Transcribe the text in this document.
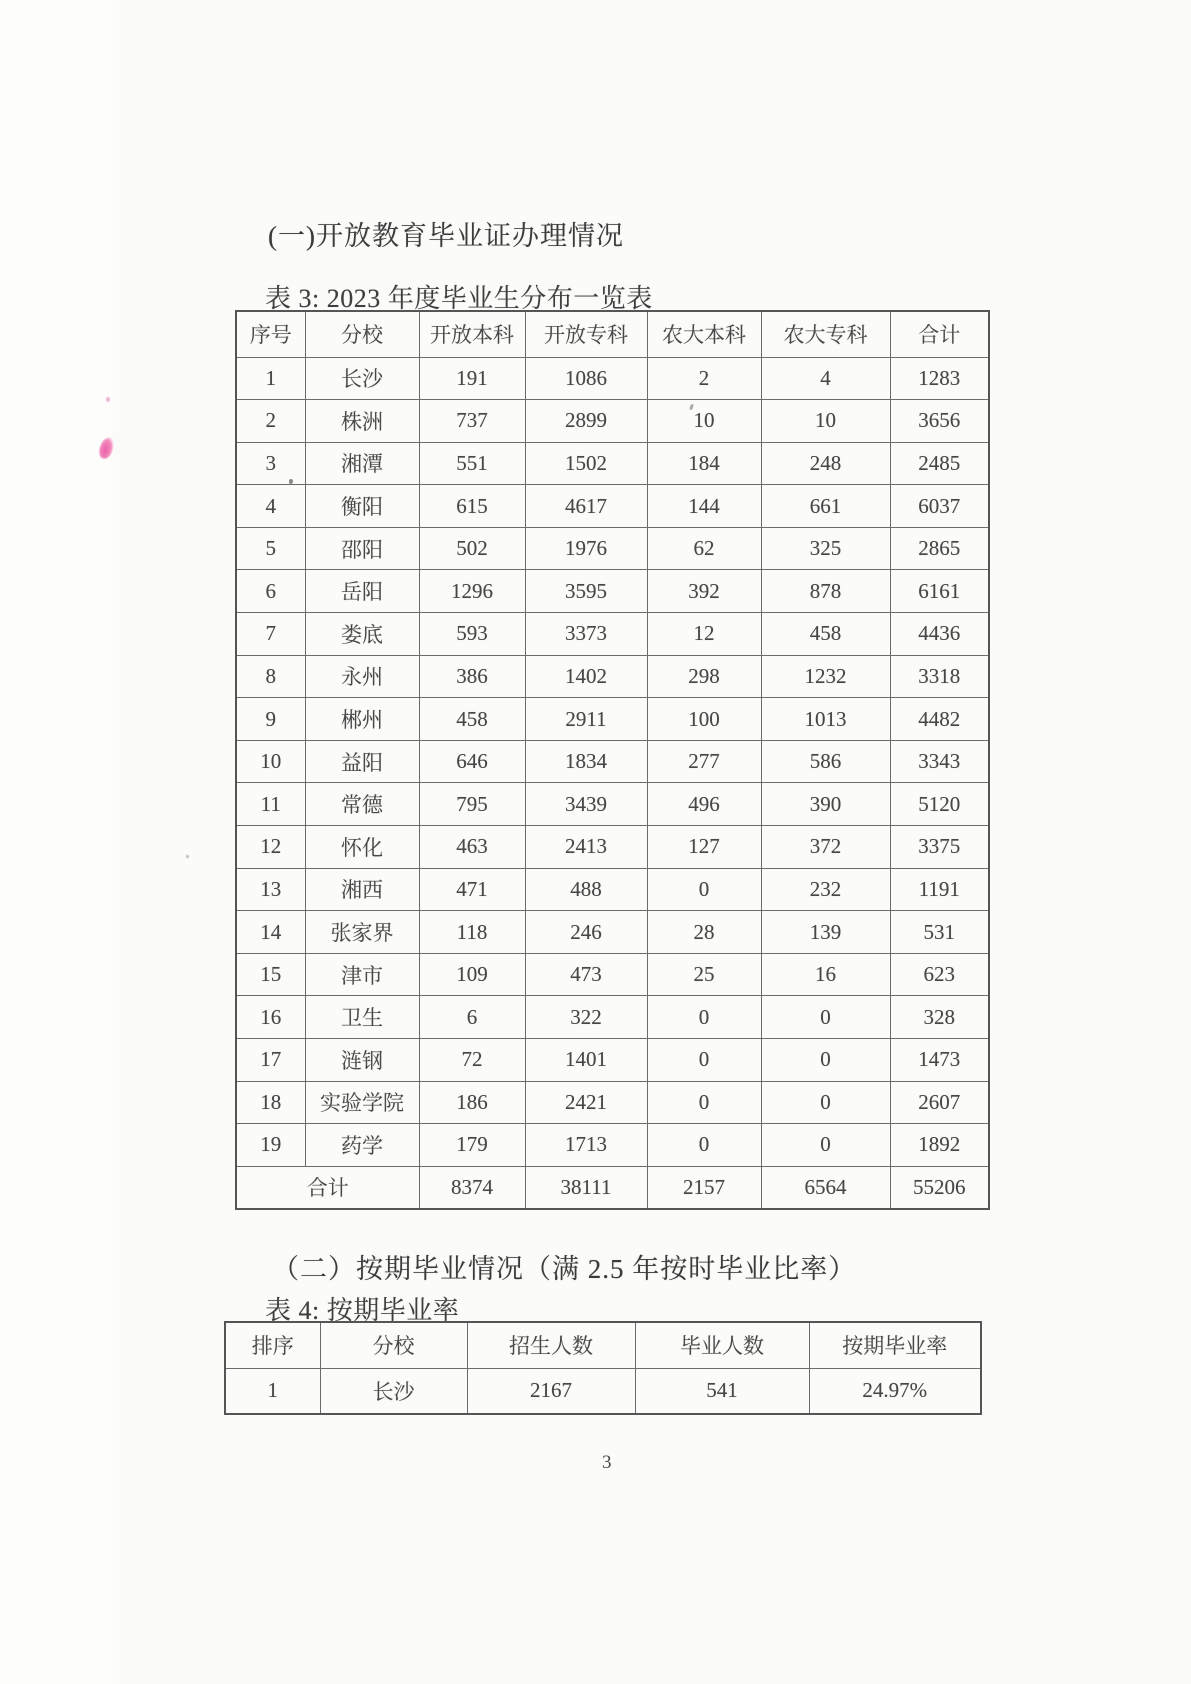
(一)开放教育毕业证办理情况
表 3: 2023 年度毕业生分布一览表
序号	分校	开放本科	开放专科	农大本科	农大专科	合计
1	长沙	191	1086	2	4	1283
2	株洲	737	2899	10	10	3656
3	湘潭	551	1502	184	248	2485
4	衡阳	615	4617	144	661	6037
5	邵阳	502	1976	62	325	2865
6	岳阳	1296	3595	392	878	6161
7	娄底	593	3373	12	458	4436
8	永州	386	1402	298	1232	3318
9	郴州	458	2911	100	1013	4482
10	益阳	646	1834	277	586	3343
11	常德	795	3439	496	390	5120
12	怀化	463	2413	127	372	3375
13	湘西	471	488	0	232	1191
14	张家界	118	246	28	139	531
15	津市	109	473	25	16	623
16	卫生	6	322	0	0	328
17	涟钢	72	1401	0	0	1473
18	实验学院	186	2421	0	0	2607
19	药学	179	1713	0	0	1892
合计		8374	38111	2157	6564	55206
（二）按期毕业情况（满 2.5 年按时毕业比率）
表 4: 按期毕业率
排序	分校	招生人数	毕业人数	按期毕业率
1	长沙	2167	541	24.97%
3
